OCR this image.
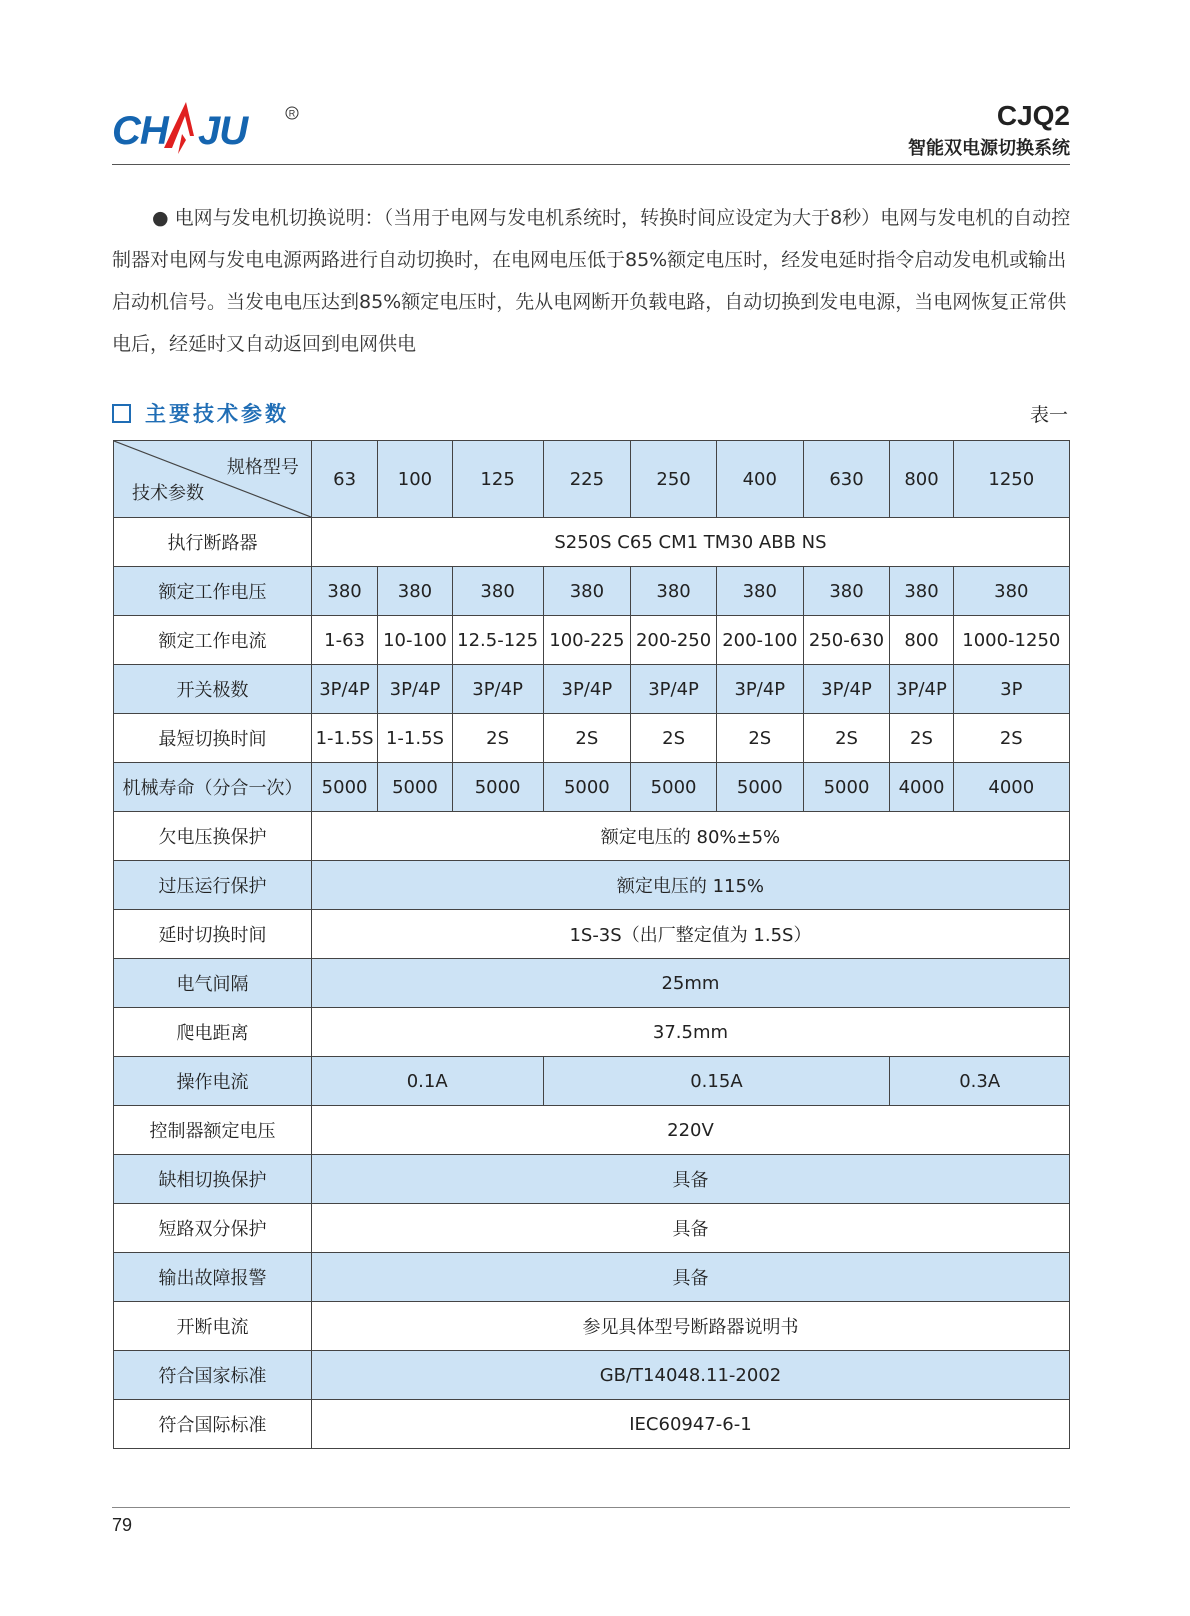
CH JU	R	CJQ2
智能双电源切换系统

● 电网与发电机切换说明：（当用于电网与发电机系统时，转换时间应设定为大于8秒）电网与发电机的自动控制器对电网与发电电源两路进行自动切换时，在电网电压低于85%额定电压时，经发电延时指令启动发电机或输出启动机信号。当发电电压达到85%额定电压时，先从电网断开负载电路，自动切换到发电电源，当电网恢复正常供电后，经延时又自动返回到电网供电

主要技术参数	表一
规格型号
技术参数	63	100	125	225	250	400	630	800	1250
执行断路器	S250S C65 CM1 TM30 ABB NS								
额定工作电压	380	380	380	380	380	380	380	380	380
额定工作电流	1-63	10-100	12.5-125	100-225	200-250	200-100	250-630	800	1000-1250
开关极数	3P/4P	3P/4P	3P/4P	3P/4P	3P/4P	3P/4P	3P/4P	3P/4P	3P
最短切换时间	1-1.5S	1-1.5S	2S	2S	2S	2S	2S	2S	2S
机械寿命（分合一次）	5000	5000	5000	5000	5000	5000	5000	4000	4000
欠电压换保护	额定电压的 80%±5%								
过压运行保护	额定电压的 115%								
延时切换时间	1S-3S（出厂整定值为 1.5S）								
电气间隔	25mm								
爬电距离	37.5mm								
操作电流	0.1A			0.15A				0.3A	
控制器额定电压	220V								
缺相切换保护	具备								
短路双分保护	具备								
输出故障报警	具备								
开断电流	参见具体型号断路器说明书								
符合国家标准	GB/T14048.11-2002								
符合国际标准	IEC60947-6-1								
79
